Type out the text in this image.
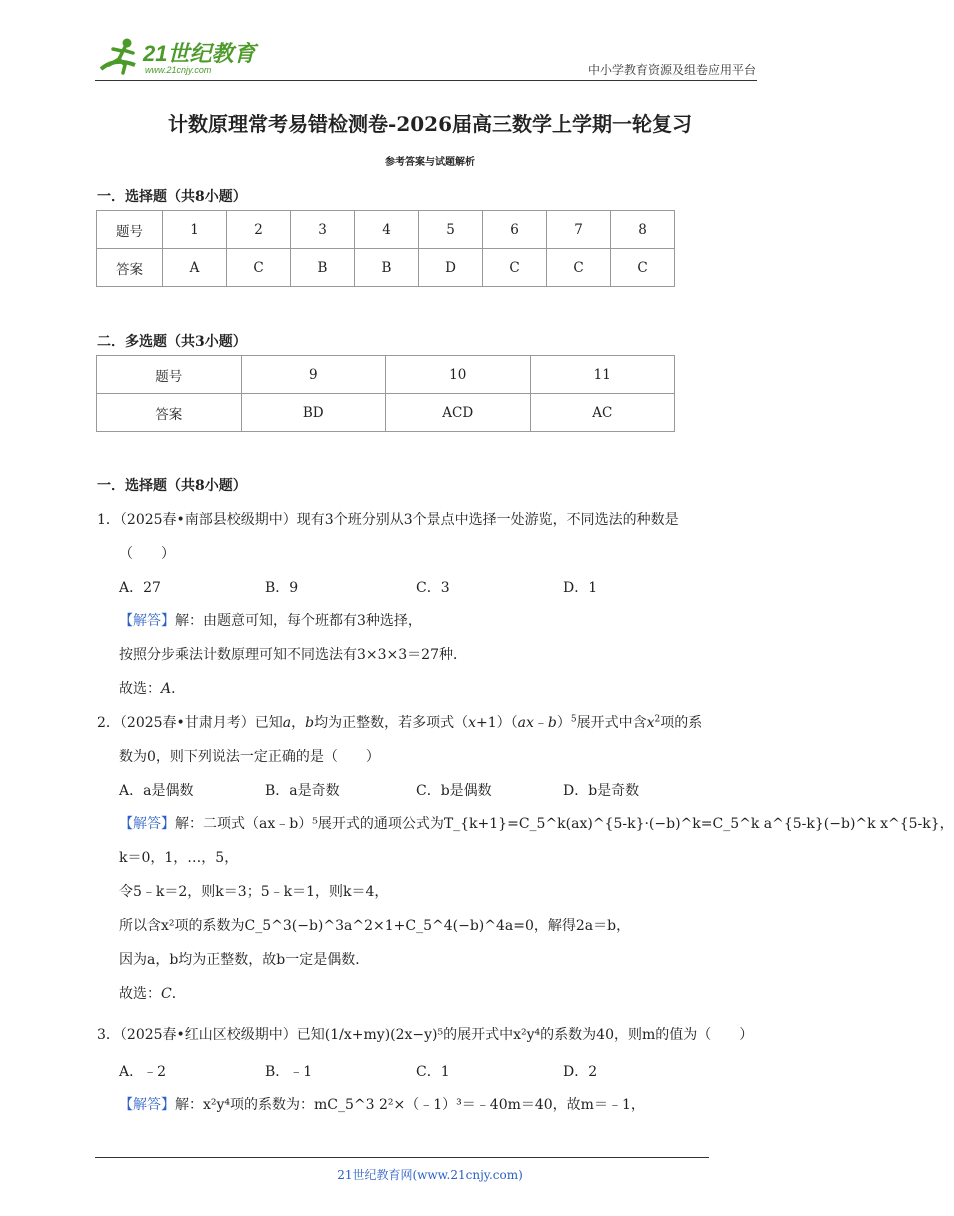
21世纪教育
www.21cnjy.com	中小学教育资源及组卷应用平台
计数原理常考易错检测卷-2026届高三数学上学期一轮复习
参考答案与试题解析
一．选择题（共8小题）
题号	1	2	3	4	5	6	7	8
答案	A	C	B	B	D	C	C	C
二．多选题（共3小题）
题号	9	10	11
答案	BD	ACD	AC
一．选择题（共8小题）
1．（2025春•南部县校级期中）现有3个班分别从3个景点中选择一处游览，不同选法的种数是
（　　）
A．27	B．9	C．3	D．1
【解答】解：由题意可知，每个班都有3种选择，
按照分步乘法计数原理可知不同选法有3×3×3＝27种．
故选：A．
2．（2025春•甘肃月考）已知a，b均为正整数，若多项式（x+1）（ax﹣b）$^5$展开式中含$x^2$项的系
数为0，则下列说法一定正确的是（　　）
A．a是偶数	B．a是奇数	C．b是偶数	D．b是奇数
【解答】解：二项式（ax﹣b）⁵展开式的通项公式为T_{k+1}=C_5^k(ax)^{5-k}·(−b)^k=C_5^k a^{5-k}(−b)^k x^{5-k}，
k＝0，1，…，5，
令5﹣k＝2，则k＝3；5﹣k＝1，则k＝4，
所以含x²项的系数为C_5^3(−b)^3a^2×1+C_5^4(−b)^4a=0，解得2a＝b，
因为a，b均为正整数，故b一定是偶数．
故选：C．
3．（2025春•红山区校级期中）已知(1/x+my)(2x−y)⁵的展开式中x²y⁴的系数为40，则m的值为（　　）
A．﹣2	B．﹣1	C．1	D．2
【解答】解：x²y⁴项的系数为：mC_5^3 2²×（﹣1）³＝﹣40m＝40，故m＝﹣1，
21世纪教育网(www.21cnjy.com)
